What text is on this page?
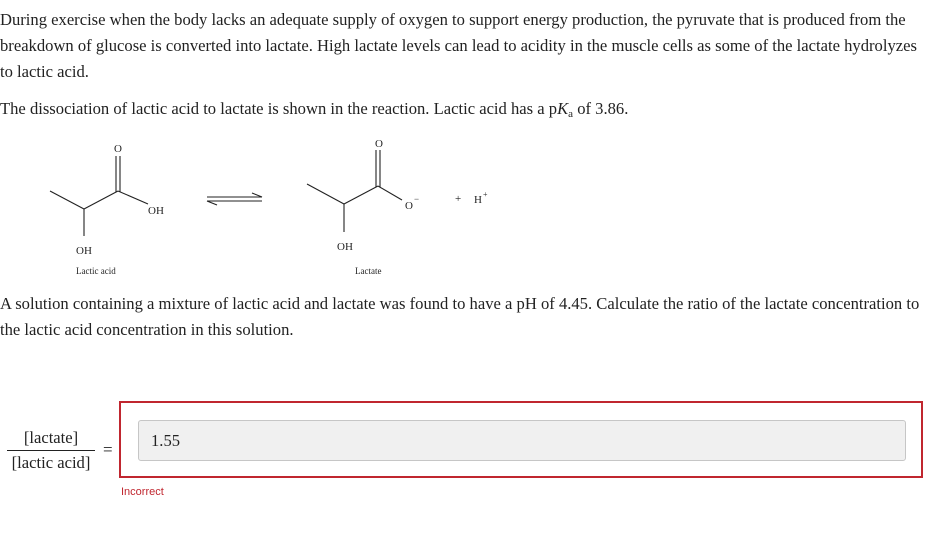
During exercise when the body lacks an adequate supply of oxygen to support energy production, the pyruvate that is produced from the breakdown of glucose is converted into lactate. High lactate levels can lead to acidity in the muscle cells as some of the lactate hydrolyzes to lactic acid.

The dissociation of lactic acid to lactate is shown in the reaction. Lactic acid has a $pK_a$ of 3.86.

O
OH
OH
Lactic acid
O
O
−
OH
Lactate
+ H +

A solution containing a mixture of lactic acid and lactate was found to have a pH of 4.45. Calculate the ratio of the lactate concentration to the lactic acid concentration in this solution.

[lactate]
[lactic acid]
=
1.55
Incorrect
